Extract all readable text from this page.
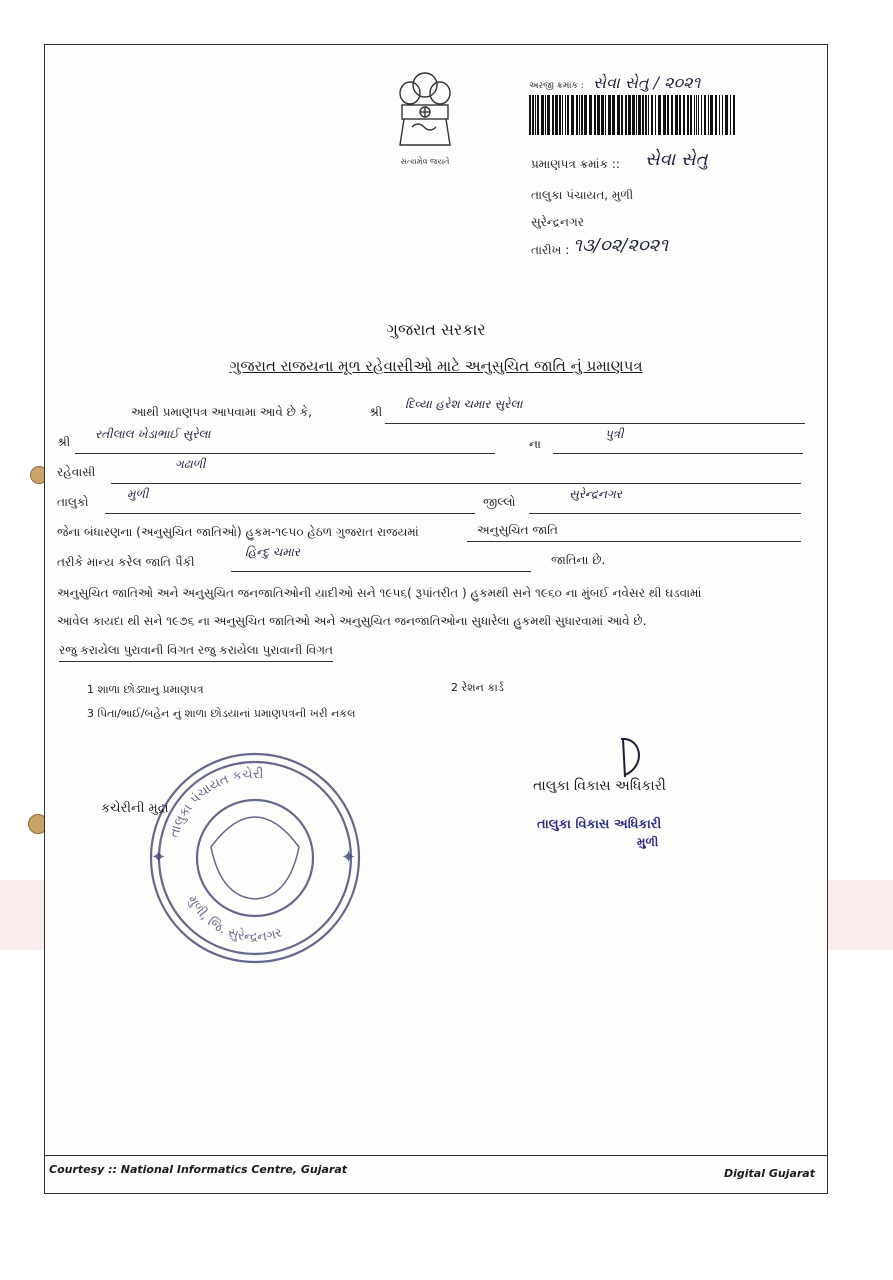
સત્યમેવ જયતે
અરજી ક્રમાંક : સેવા સેતુ / ૨૦૨૧
પ્રમાણપત્ર ક્રમાંક :: સેવા સેતુ
તાલુકા પંચાયત, મુળી
સુરેન્દ્રનગર
તારીખ : ૧૩/૦૨/૨૦૨૧
ગુજરાત સરકાર
ગુજરાત રાજયના મૂળ રહેવાસીઓ માટે અનુસુચિત જાતિ નું પ્રમાણપત્ર
આથી પ્રમાણપત્ર આપવામા આવે છે કે,	શ્રી
દિવ્યા હરેશ ચમાર સુરેલા
શ્રી
રતીલાલ ખેડાભાઈ સુરેલા
ના
પુત્રી
રહેવાસી
ગઢાળી
તાલુકો
મુળી
જીલ્લો
સુરેન્દ્રનગર
જેના બંધારણના (અનુસુચિત જાતિઓ) હુકમ-૧૯૫૦ હેઠળ ગુજરાત રાજયમાં	અનુસુચિત જાતિ
તરીકે માન્ય કરેલ જાતિ પૈકી
હિન્દુ ચમાર
જાતિના છે.
અનુસુચિત જાતિઓ અને અનુસુચિત જનજાતિઓની યાદીઓ સને ૧૯૫૬( રૂપાંતરીત ) હુકમથી સને ૧૯૬૦ ના મુંબઈ નવેસર થી ઘડવામાં
આવેલ કાયદા થી સને ૧૯૭૬ ના અનુસુચિત જાતિઓ અને અનુસુચિત જનજાતિઓના સુધારેલા હુકમથી સુધારવામાં આવે છે.
રજુ કરાયેલા પુરાવાની વિગત રજુ કરાયેલા પુરાવાની વિગત
1 શાળા છોડ્યાનુ પ્રમાણપત્ર	2 રેશન કાર્ડ
3 પિતા/ભાઈ/બહેન નું શાળા છોડયાનાં પ્રમાણપત્રની ખરી નકલ
તાલુકા પંચાયત કચેરી
મુળી, જિ. સુરેન્દ્રનગર
✦	✦
કચેરીની મુદ્રા
તાલુકા વિકાસ અધિકારી
તાલુકા વિકાસ અધિકારી
મુળી
Courtesy :: National Informatics Centre, Gujarat	Digital Gujarat
